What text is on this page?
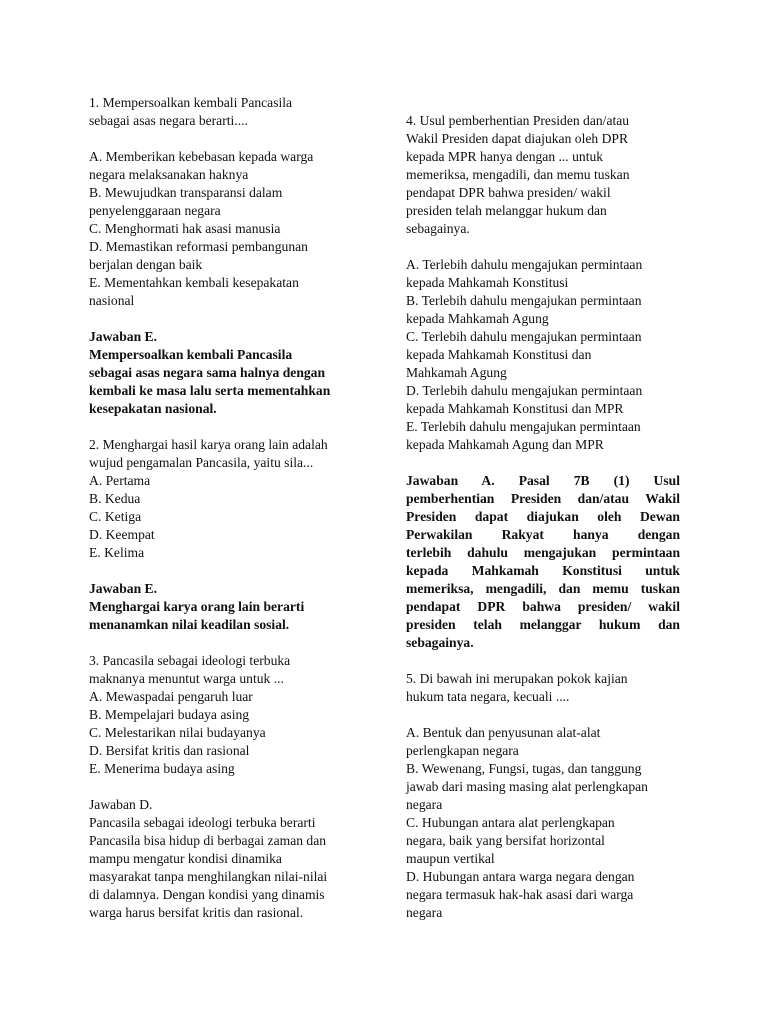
1. Mempersoalkan kembali Pancasila
sebagai asas negara berarti....
A. Memberikan kebebasan kepada warga
negara melaksanakan haknya
B. Mewujudkan transparansi dalam
penyelenggaraan negara
C. Menghormati hak asasi manusia
D. Memastikan reformasi pembangunan
berjalan dengan baik
E. Mementahkan kembali kesepakatan
nasional
Jawaban E.
Mempersoalkan kembali Pancasila
sebagai asas negara sama halnya dengan
kembali ke masa lalu serta mementahkan
kesepakatan nasional.
2. Menghargai hasil karya orang lain adalah
wujud pengamalan Pancasila, yaitu sila...
A. Pertama
B. Kedua
C. Ketiga
D. Keempat
E. Kelima
Jawaban E.
Menghargai karya orang lain berarti
menanamkan nilai keadilan sosial.
3. Pancasila sebagai ideologi terbuka
maknanya menuntut warga untuk ...
A. Mewaspadai pengaruh luar
B. Mempelajari budaya asing
C. Melestarikan nilai budayanya
D. Bersifat kritis dan rasional
E. Menerima budaya asing
Jawaban D.
Pancasila sebagai ideologi terbuka berarti
Pancasila bisa hidup di berbagai zaman dan
mampu mengatur kondisi dinamika
masyarakat tanpa menghilangkan nilai-nilai
di dalamnya. Dengan kondisi yang dinamis
warga harus bersifat kritis dan rasional.
4. Usul pemberhentian Presiden dan/atau
Wakil Presiden dapat diajukan oleh DPR
kepada MPR hanya dengan ... untuk
memeriksa, mengadili, dan memu tuskan
pendapat DPR bahwa presiden/ wakil
presiden telah melanggar hukum dan
sebagainya.
A. Terlebih dahulu mengajukan permintaan
kepada Mahkamah Konstitusi
B. Terlebih dahulu mengajukan permintaan
kepada Mahkamah Agung
C. Terlebih dahulu mengajukan permintaan
kepada Mahkamah Konstitusi dan
Mahkamah Agung
D. Terlebih dahulu mengajukan permintaan
kepada Mahkamah Konstitusi dan MPR
E. Terlebih dahulu mengajukan permintaan
kepada Mahkamah Agung dan MPR
Jawaban A. Pasal 7B (1) Usul
pemberhentian Presiden dan/atau Wakil
Presiden dapat diajukan oleh Dewan
Perwakilan Rakyat hanya dengan
terlebih dahulu mengajukan permintaan
kepada Mahkamah Konstitusi untuk
memeriksa, mengadili, dan memu tuskan
pendapat DPR bahwa presiden/ wakil
presiden telah melanggar hukum dan
sebagainya.
5. Di bawah ini merupakan pokok kajian
hukum tata negara, kecuali ....
A. Bentuk dan penyusunan alat-alat
perlengkapan negara
B. Wewenang, Fungsi, tugas, dan tanggung
jawab dari masing masing alat perlengkapan
negara
C. Hubungan antara alat perlengkapan
negara, baik yang bersifat horizontal
maupun vertikal
D. Hubungan antara warga negara dengan
negara termasuk hak-hak asasi dari warga
negara
